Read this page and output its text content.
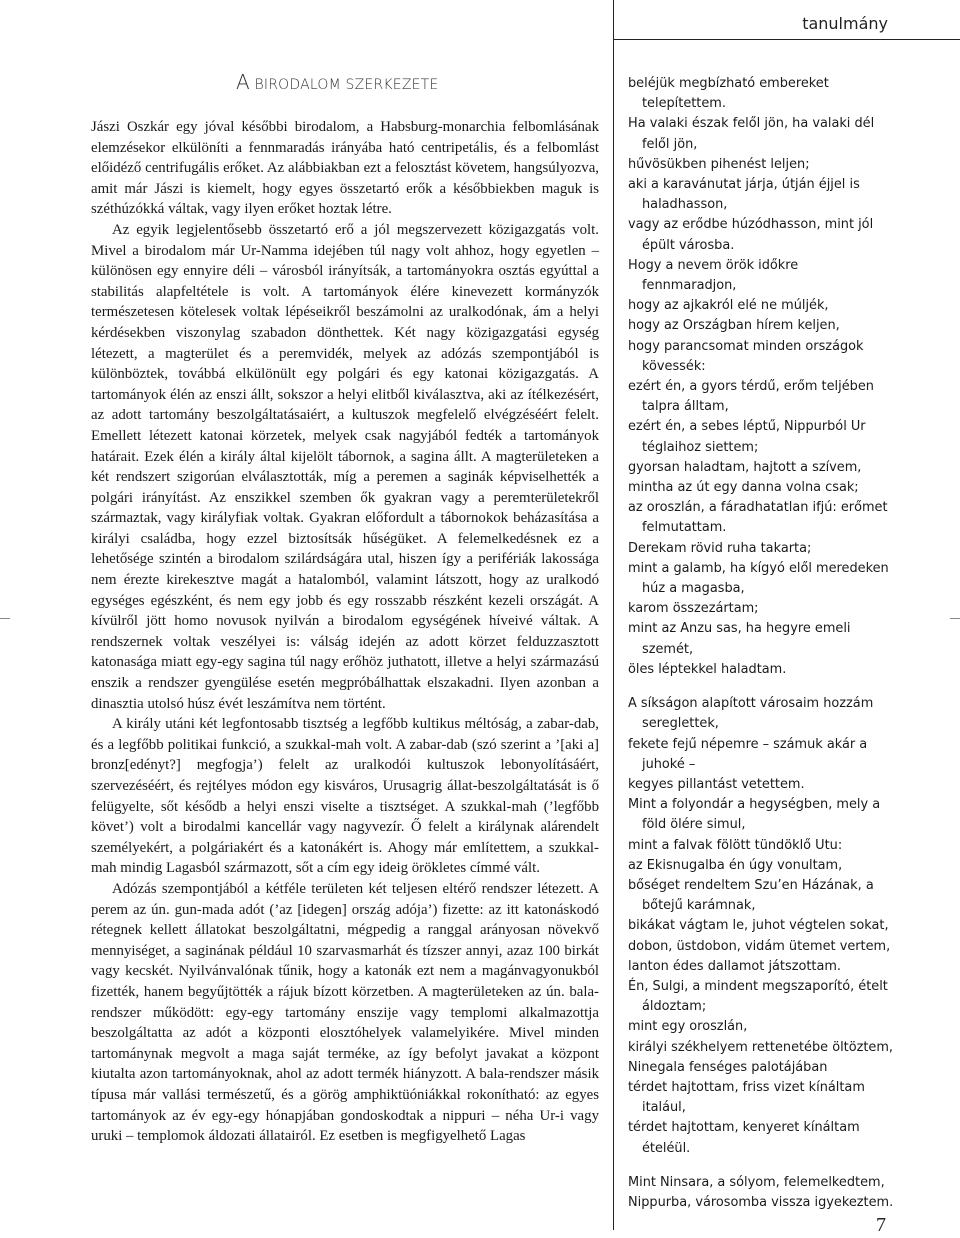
tanulmány
A BIRODALOM SZERKEZETE

Jászi Oszkár egy jóval későbbi birodalom, a Habsburg-monarchia felbomlásának elemzésekor elkülöníti a fennmaradás irányába ható centripetális, és a felbomlást előidéző centrifugális erőket. Az alábbiakban ezt a felosztást követem, hangsúlyozva, amit már Jászi is kiemelt, hogy egyes összetartó erők a későbbiekben maguk is széthúzókká váltak, vagy ilyen erőket hoztak létre.

Az egyik legjelentősebb összetartó erő a jól megszervezett közigazgatás volt. Mivel a birodalom már Ur-Namma idejében túl nagy volt ahhoz, hogy egyetlen – különösen egy ennyire déli – városból irányítsák, a tartományokra osztás egyúttal a stabilitás alapfeltétele is volt. A tartományok élére kinevezett kormányzók természetesen kötelesek voltak lépéseikről beszámolni az uralkodónak, ám a helyi kérdésekben viszonylag szabadon dönthettek. Két nagy közigazgatási egység létezett, a magterület és a peremvidék, melyek az adózás szempontjából is különböztek, továbbá elkülönült egy polgári és egy katonai közigazgatás. A tartományok élén az enszi állt, sokszor a helyi elitből kiválasztva, aki az ítélkezésért, az adott tartomány beszolgáltatásaiért, a kultuszok megfelelő elvégzéséért felelt. Emellett létezett katonai körzetek, melyek csak nagyjából fedték a tartományok határait. Ezek élén a király által kijelölt tábornok, a sagina állt. A magterületeken a két rendszert szigorúan elválasztották, míg a peremen a saginák képviselhették a polgári irányítást. Az enszikkel szemben ők gyakran vagy a peremterületekről származtak, vagy királyfiak voltak. Gyakran előfordult a tábornokok beházasítása a királyi családba, hogy ezzel biztosítsák hűségüket. A felemelkedésnek ez a lehetősége szintén a birodalom szilárdságára utal, hiszen így a perifériák lakossága nem érezte kirekesztve magát a hatalomból, valamint látszott, hogy az uralkodó egységes egészként, és nem egy jobb és egy rosszabb részként kezeli országát. A kívülről jött homo novusok nyilván a birodalom egységének híveivé váltak. A rendszernek voltak veszélyei is: válság idején az adott körzet felduzzasztott katonasága miatt egy-egy sagina túl nagy erőhöz juthatott, illetve a helyi származású enszik a rendszer gyengülése esetén megpróbálhattak elszakadni. Ilyen azonban a dinasztia utolsó húsz évét leszámítva nem történt.

A király utáni két legfontosabb tisztség a legfőbb kultikus méltóság, a zabar-dab, és a legfőbb politikai funkció, a szukkal-mah volt. A zabar-dab (szó szerint a ’[aki a] bronz[edényt?] megfogja’) felelt az uralkodói kultuszok lebonyolításáért, szervezéséért, és rejtélyes módon egy kisváros, Urusagrig állat-beszolgáltatását is ő felügyelte, sőt késődb a helyi enszi viselte a tisztséget. A szukkal-mah (’legfőbb követ’) volt a birodalmi kancellár vagy nagyvezír. Ő felelt a királynak alárendelt személyekért, a polgáriakért és a katonákért is. Ahogy már említettem, a szukkal-mah mindig Lagasból származott, sőt a cím egy ideig örökletes címmé vált.

Adózás szempontjából a kétféle területen két teljesen eltérő rendszer létezett. A perem az ún. gun-mada adót (’az [idegen] ország adója’) fizette: az itt katonáskodó rétegnek kellett állatokat beszolgáltatni, mégpedig a ranggal arányosan növekvő mennyiséget, a saginának például 10 szarvasmarhát és tízszer annyi, azaz 100 birkát vagy kecskét. Nyilvánvalónak tűnik, hogy a katonák ezt nem a magánvagyonukból fizették, hanem begyűjtötték a rájuk bízott körzetben. A magterületeken az ún. bala-rendszer működött: egy-egy tartomány enszije vagy templomi alkalmazottja beszolgáltatta az adót a központi elosztóhelyek valamelyikére. Mivel minden tartománynak megvolt a maga saját terméke, az így befolyt javakat a központ kiutalta azon tartományoknak, ahol az adott termék hiányzott. A bala-rendszer másik típusa már vallási természetű, és a görög amphiktüóniákkal rokonítható: az egyes tartományok az év egy-egy hónapjában gondoskodtak a nippuri – néha Ur-i vagy uruki – templomok áldozati állatairól. Ez esetben is megfigyelhető Lagas

beléjük megbízható embereket telepítettem.
Ha valaki észak felől jön, ha valaki dél felől jön,
hűvösükben pihenést leljen;
aki a karavánutat járja, útján éjjel is haladhasson,
vagy az erődbe húzódhasson, mint jól épült városba.
Hogy a nevem örök időkre fennmaradjon,
hogy az ajkakról elé ne múljék,
hogy az Országban hírem keljen,
hogy parancsomat minden országok kövessék:
ezért én, a gyors térdű, erőm teljében talpra álltam,
ezért én, a sebes léptű, Nippurból Ur téglaihoz siettem;
gyorsan haladtam, hajtott a szívem,
mintha az út egy danna volna csak;
az oroszlán, a fáradhatatlan ifjú: erőmet felmutattam.
Derekam rövid ruha takarta;
mint a galamb, ha kígyó elől meredeken húz a magasba,
karom összezártam;
mint az Anzu sas, ha hegyre emeli szemét,
öles léptekkel haladtam.
A síkságon alapított városaim hozzám sereglettek,
fekete fejű népemre – számuk akár a juhoké –
kegyes pillantást vetettem.
Mint a folyondár a hegységben, mely a föld ölére simul,
mint a falvak fölött tündöklő Utu:
az Ekisnugalba én úgy vonultam,
bőséget rendeltem Szu’en Házának, a bőtejű karámnak,
bikákat vágtam le, juhot végtelen sokat,
dobon, üstdobon, vidám ütemet vertem,
lanton édes dallamot játszottam.
Én, Sulgi, a mindent megszaporító, ételt áldoztam;
mint egy oroszlán,
királyi székhelyem rettenetébe öltöztem,
Ninegala fenséges palotájában
térdet hajtottam, friss vizet kínáltam italául,
térdet hajtottam, kenyeret kínáltam ételéül.
Mint Ninsara, a sólyom, felemelkedtem,
Nippurba, városomba vissza igyekeztem.
7
